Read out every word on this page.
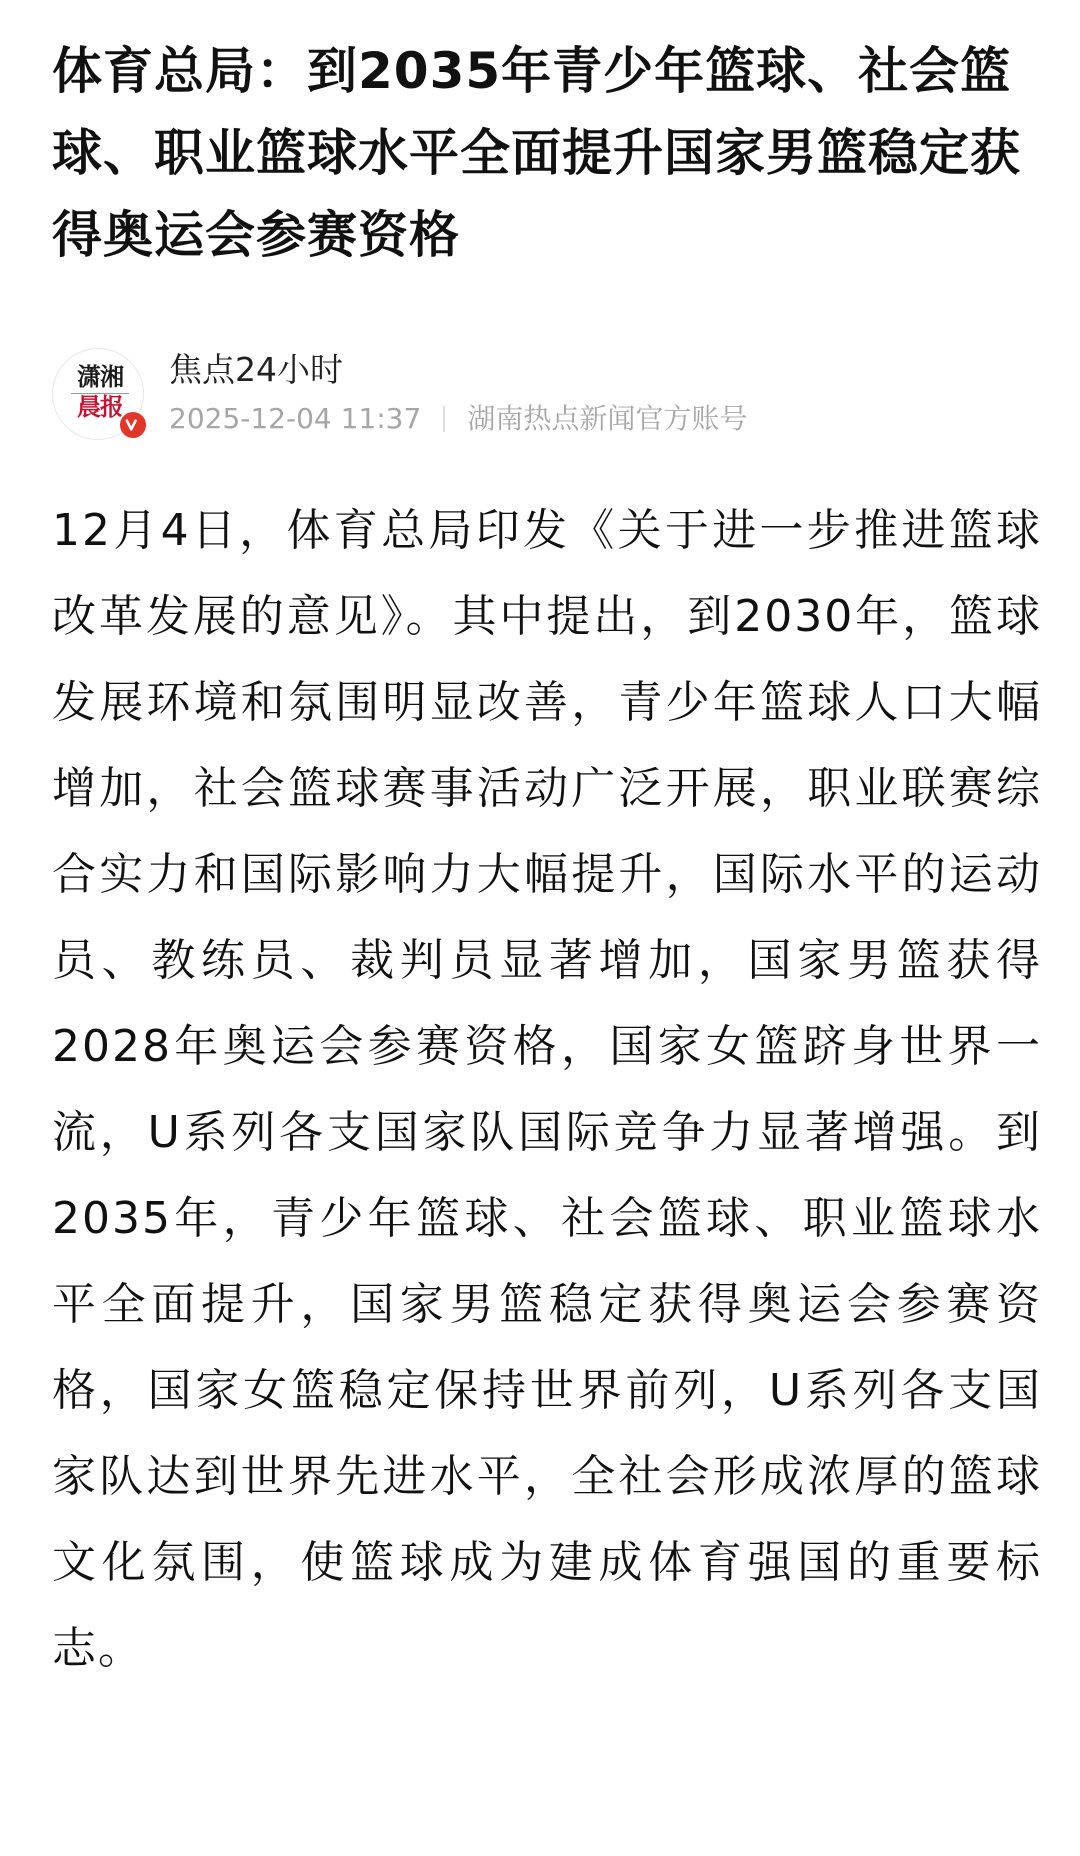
体育总局：到2035年青少年篮球、社会篮球、职业篮球水平全面提升国家男篮稳定获得奥运会参赛资格
潇湘
晨报
焦点24小时
2025-12-04 11:37 湖南热点新闻官方账号

12月4日，体育总局印发《关于进一步推进篮球改革发展的意见》。其中提出，到2030年，篮球发展环境和氛围明显改善，青少年篮球人口大幅增加，社会篮球赛事活动广泛开展，职业联赛综合实力和国际影响力大幅提升，国际水平的运动员、教练员、裁判员显著增加，国家男篮获得2028年奥运会参赛资格，国家女篮跻身世界一流，U系列各支国家队国际竞争力显著增强。到2035年，青少年篮球、社会篮球、职业篮球水平全面提升，国家男篮稳定获得奥运会参赛资格，国家女篮稳定保持世界前列，U系列各支国家队达到世界先进水平，全社会形成浓厚的篮球文化氛围，使篮球成为建成体育强国的重要标志。
